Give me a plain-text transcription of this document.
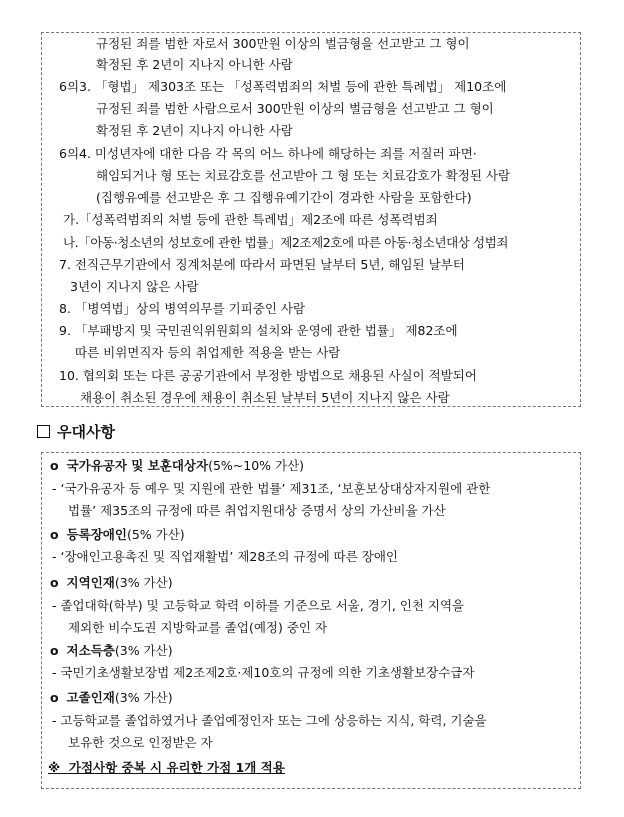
규정된 죄를 범한 자로서 300만원 이상의 벌금형을 선고받고 그 형이
확정된 후 2년이 지나지 아니한 사람
6의3. 「형법」 제303조 또는 「성폭력범죄의 처벌 등에 관한 특례법」 제10조에
규정된 죄를 범한 사람으로서 300만원 이상의 벌금형을 선고받고 그 형이
확정된 후 2년이 지나지 아니한 사람
6의4. 미성년자에 대한 다음 각 목의 어느 하나에 해당하는 죄를 저질러 파면·
해임되거나 형 또는 치료감호를 선고받아 그 형 또는 치료감호가 확정된 사람
(집행유예를 선고받은 후 그 집행유예기간이 경과한 사람을 포함한다)
가.「성폭력범죄의 처벌 등에 관한 특례법」제2조에 따른 성폭력범죄
나.「아동·청소년의 성보호에 관한 법률」제2조제2호에 따른 아동·청소년대상 성범죄
7. 전직근무기관에서 징계처분에 따라서 파면된 날부터 5년, 해임된 날부터
3년이 지나지 않은 사람
8. 「병역법」상의 병역의무를 기피중인 사람
9. 「부패방지 및 국민권익위원회의 설치와 운영에 관한 법률」 제82조에
따른 비위면직자 등의 취업제한 적용을 받는 사람
10. 협의회 또는 다른 공공기관에서 부정한 방법으로 채용된 사실이 적발되어
채용이 취소된 경우에 채용이 취소된 날부터 5년이 지나지 않은 사람
우대사항
o 국가유공자 및 보훈대상자(5%~10% 가산)
- ‘국가유공자 등 예우 및 지원에 관한 법률’ 제31조, ‘보훈보상대상자지원에 관한
법률’ 제35조의 규정에 따른 취업지원대상 증명서 상의 가산비율 가산
o 등록장애인(5% 가산)
- ‘장애인고용촉진 및 직업재활법’ 제28조의 규정에 따른 장애인
o 지역인재(3% 가산)
- 졸업대학(학부) 및 고등학교 학력 이하를 기준으로 서울, 경기, 인천 지역을
제외한 비수도권 지방학교를 졸업(예정) 중인 자
o 저소득층(3% 가산)
- 국민기초생활보장법 제2조제2호·제10호의 규정에 의한 기초생활보장수급자
o 고졸인재(3% 가산)
- 고등학교를 졸업하였거나 졸업예정인자 또는 그에 상응하는 지식, 학력, 기술을
보유한 것으로 인정받은 자
※ 가점사항 중복 시 유리한 가점 1개 적용
